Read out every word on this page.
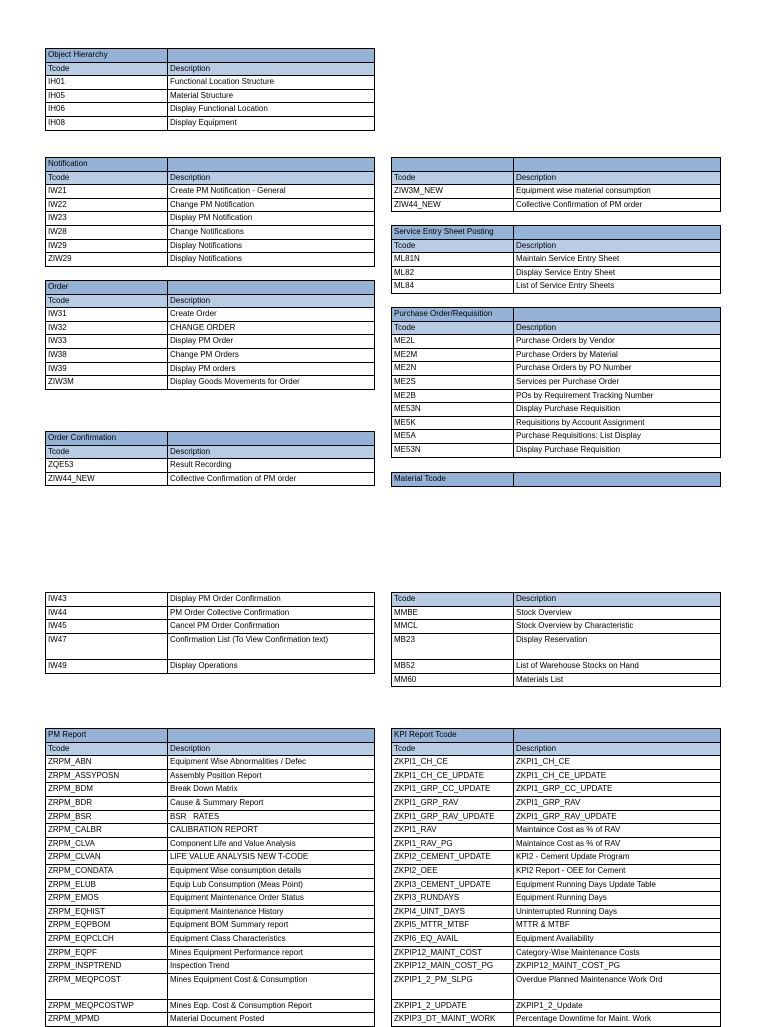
Object Hierarchy	
Tcode	Description
IH01	Functional Location Structure
IH05	Material Structure
IH06	Display Functional Location
IH08	Display Equipment
Notification	
Tcode	Description
IW21	Create PM Notification - General
IW22	Change PM Notification
IW23	Display PM Notification
IW28	Change Notifications
IW29	Display Notifications
ZIW29	Display Notifications
Order	
Tcode	Description
IW31	Create Order
IW32	CHANGE ORDER
IW33	Display PM Order
IW38	Change PM Orders
IW39	Display PM orders
ZIW3M	Display Goods Movements for Order
Order Confirmation	
Tcode	Description
ZQE53	Result Recording
ZIW44_NEW	Collective Confirmation of PM order
IW43	Display PM Order Confirmation
IW44	PM Order Collective Confirmation
IW45	Cancel PM Order Confirmation
IW47	Confirmation List (To View Confirmation text)
IW49	Display Operations

Tcode	Description
ZIW3M_NEW	Equipment wise material consumption
ZIW44_NEW	Collective Confirmation of PM order
Service Entry Sheet Posting	
Tcode	Description
ML81N	Maintain Service Entry Sheet
ML82	Display Service Entry Sheet
ML84	List of Service Entry Sheets
Purchase Order/Requisition	
Tcode	Description
ME2L	Purchase Orders by Vendor
ME2M	Purchase Orders by Material
ME2N	Purchase Orders by PO Number
ME2S	Services per Purchase Order
ME2B	POs by Requirement Tracking Number
ME53N	Display Purchase Requisition
ME5K	Requisitions by Account Assignment
ME5A	Purchase Requisitions: List Display
ME53N	Display Purchase Requisition
Material Tcode	
Tcode	Description
MMBE	Stock Overview
MMCL	Stock Overview by Characteristic
MB23	Display Reservation
MB52	List of Warehouse Stocks on Hand
MM60	Materials List
PM Report	
Tcode	Description
ZRPM_ABN	Equipment Wise Abnormalities / Defec
ZRPM_ASSYPOSN	Assembly Position Report
ZRPM_BDM	Break Down Matrix
ZRPM_BDR	Cause & Summary Report
ZRPM_BSR	BSR   RATES
ZRPM_CALBR	CALIBRATION REPORT
ZRPM_CLVA	Component Life and Value Analysis
ZRPM_CLVAN	LIFE VALUE ANALYSIS NEW T-CODE
ZRPM_CONDATA	Equipment Wise consumption details
ZRPM_ELUB	Equip Lub Consumption (Meas Point)
ZRPM_EMOS	Equipment Maintenance Order Status
ZRPM_EQHIST	Equipment Maintenance History
ZRPM_EQPBOM	Equipment BOM Summary report
ZRPM_EQPCLCH	Equipment Class Characteristics
ZRPM_EQPF	Mines Equipment Performance report
ZRPM_INSPTREND	Inspection Trend
ZRPM_MEQPCOST	Mines Equipment Cost & Consumption
ZRPM_MEQPCOSTWP	Mines Eqp. Cost & Consumption Report
ZRPM_MPMD	Material Document Posted
KPI Report Tcode	
Tcode	Description
ZKPI1_CH_CE	ZKPI1_CH_CE
ZKPI1_CH_CE_UPDATE	ZKPI1_CH_CE_UPDATE
ZKPI1_GRP_CC_UPDATE	ZKPI1_GRP_CC_UPDATE
ZKPI1_GRP_RAV	ZKPI1_GRP_RAV
ZKPI1_GRP_RAV_UPDATE	ZKPI1_GRP_RAV_UPDATE
ZKPI1_RAV	Maintaince Cost as % of RAV
ZKPI1_RAV_PG	Maintaince Cost as % of RAV
ZKPI2_CEMENT_UPDATE	KPI2 - Cement Update Program
ZKPI2_OEE	KPI2 Report - OEE for Cement
ZKPI3_CEMENT_UPDATE	Equipment Running Days Update Table
ZKPI3_RUNDAYS	Equipment Running Days
ZKPI4_UINT_DAYS	Uninterrupted Running Days
ZKPI5_MTTR_MTBF	MTTR & MTBF
ZKPI6_EQ_AVAIL	Equipment Availability
ZKPIP12_MAINT_COST	Category-Wise Maintenance Costs
ZKPIP12_MAIN_COST_PG	ZKPIP12_MAINT_COST_PG
ZKPIP1_2_PM_SLPG	Overdue Planned Maintenance Work Ord
ZKPIP1_2_UPDATE	ZKPIP1_2_Update
ZKPIP3_DT_MAINT_WORK	Percentage Downtime for Maint. Work
